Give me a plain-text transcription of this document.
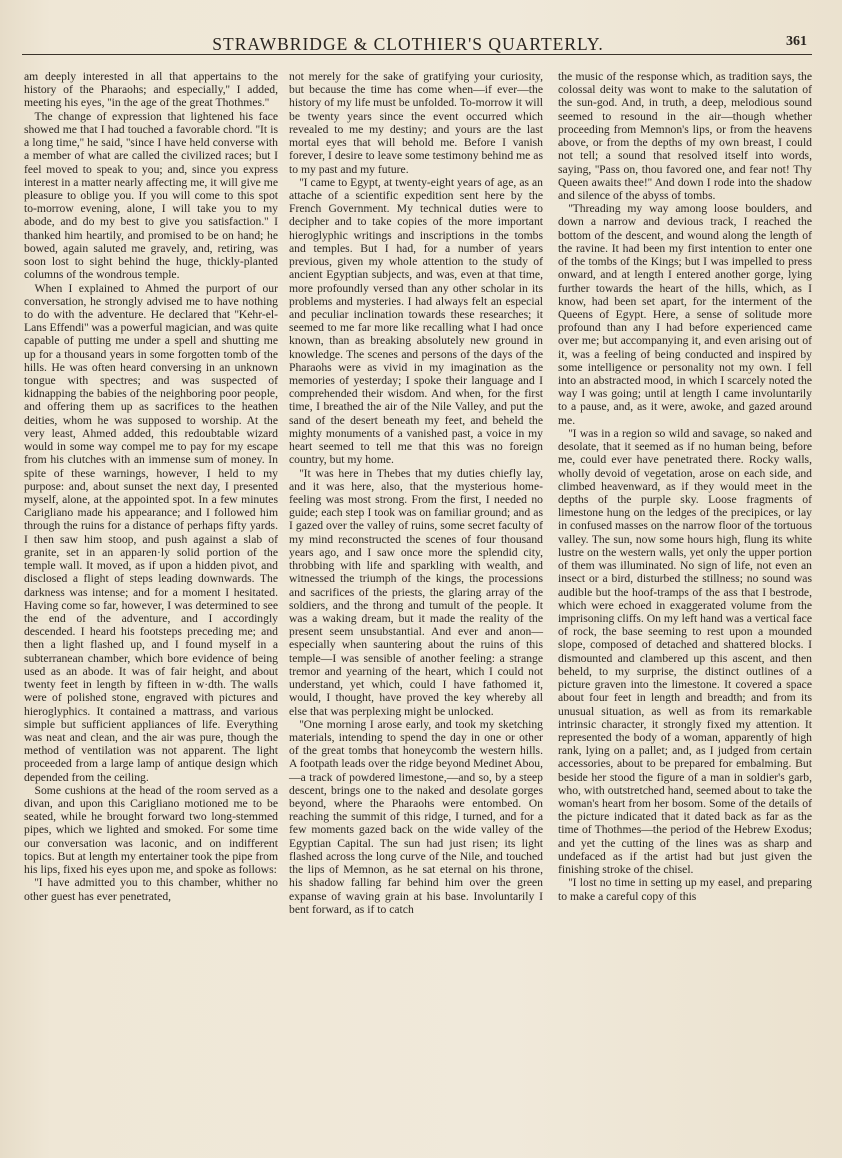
STRAWBRIDGE & CLOTHIER'S QUARTERLY.	361

am deeply interested in all that appertains to the history of the Pharaohs; and especially,'' I added, meeting his eyes, ''in the age of the great Thothmes.''

The change of expression that lightened his face showed me that I had touched a favorable chord. ''It is a long time,'' he said, ''since I have held converse with a member of what are called the civilized races; but I feel moved to speak to you; and, since you express interest in a matter nearly affecting me, it will give me pleasure to oblige you. If you will come to this spot to-morrow evening, alone, I will take you to my abode, and do my best to give you satisfaction.'' I thanked him heartily, and promised to be on hand; he bowed, again saluted me gravely, and, retiring, was soon lost to sight behind the huge, thickly-planted columns of the wondrous temple.

When I explained to Ahmed the purport of our conversation, he strongly advised me to have nothing to do with the adventure. He declared that ''Kehr-el-Lans Effendi'' was a powerful magician, and was quite capable of putting me under a spell and shutting me up for a thousand years in some forgotten tomb of the hills. He was often heard conversing in an unknown tongue with spectres; and was suspected of kidnapping the babies of the neighboring poor people, and offering them up as sacrifices to the heathen deities, whom he was supposed to worship. At the very least, Ahmed added, this redoubtable wizard would in some way compel me to pay for my escape from his clutches with an immense sum of money. In spite of these warnings, however, I held to my purpose: and, about sunset the next day, I presented myself, alone, at the appointed spot. In a few minutes Carigliano made his appearance; and I followed him through the ruins for a distance of perhaps fifty yards. I then saw him stoop, and push against a slab of granite, set in an apparen·ly solid portion of the temple wall. It moved, as if upon a hidden pivot, and disclosed a flight of steps leading downwards. The darkness was intense; and for a moment I hesitated. Having come so far, however, I was determined to see the end of the adventure, and I accordingly descended. I heard his footsteps preceding me; and then a light flashed up, and I found myself in a subterranean chamber, which bore evidence of being used as an abode. It was of fair height, and about twenty feet in length by fifteen in w·dth. The walls were of polished stone, engraved with pictures and hieroglyphics. It contained a mattrass, and various simple but sufficient appliances of life. Everything was neat and clean, and the air was pure, though the method of ventilation was not apparent. The light proceeded from a large lamp of antique design which depended from the ceiling.

Some cushions at the head of the room served as a divan, and upon this Carigliano motioned me to be seated, while he brought forward two long-stemmed pipes, which we lighted and smoked. For some time our conversation was laconic, and on indifferent topics. But at length my entertainer took the pipe from his lips, fixed his eyes upon me, and spoke as follows:

''I have admitted you to this chamber, whither no other guest has ever penetrated,

not merely for the sake of gratifying your curiosity, but because the time has come when—if ever—the history of my life must be unfolded. To-morrow it will be twenty years since the event occurred which revealed to me my destiny; and yours are the last mortal eyes that will behold me. Before I vanish forever, I desire to leave some testimony behind me as to my past and my future.

''I came to Egypt, at twenty-eight years of age, as an attache of a scientific expedition sent here by the French Government. My technical duties were to decipher and to take copies of the more important hieroglyphic writings and inscriptions in the tombs and temples. But I had, for a number of years previous, given my whole attention to the study of ancient Egyptian subjects, and was, even at that time, more profoundly versed than any other scholar in its problems and mysteries. I had always felt an especial and peculiar inclination towards these researches; it seemed to me far more like recalling what I had once known, than as breaking absolutely new ground in knowledge. The scenes and persons of the days of the Pharaohs were as vivid in my imagination as the memories of yesterday; I spoke their language and I comprehended their wisdom. And when, for the first time, I breathed the air of the Nile Valley, and put the sand of the desert beneath my feet, and beheld the mighty monuments of a vanished past, a voice in my heart seemed to tell me that this was no foreign country, but my home.

''It was here in Thebes that my duties chiefly lay, and it was here, also, that the mysterious home-feeling was most strong. From the first, I needed no guide; each step I took was on familiar ground; and as I gazed over the valley of ruins, some secret faculty of my mind reconstructed the scenes of four thousand years ago, and I saw once more the splendid city, throbbing with life and sparkling with wealth, and witnessed the triumph of the kings, the processions and sacrifices of the priests, the glaring array of the soldiers, and the throng and tumult of the people. It was a waking dream, but it made the reality of the present seem unsubstantial. And ever and anon—especially when sauntering about the ruins of this temple—I was sensible of another feeling: a strange tremor and yearning of the heart, which I could not understand, yet which, could I have fathomed it, would, I thought, have proved the key whereby all else that was perplexing might be unlocked.

''One morning I arose early, and took my sketching materials, intending to spend the day in one or other of the great tombs that honeycomb the western hills. A footpath leads over the ridge beyond Medinet Abou,—a track of powdered limestone,—and so, by a steep descent, brings one to the naked and desolate gorges beyond, where the Pharaohs were entombed. On reaching the summit of this ridge, I turned, and for a few moments gazed back on the wide valley of the Egyptian Capital. The sun had just risen; its light flashed across the long curve of the Nile, and touched the lips of Memnon, as he sat eternal on his throne, his shadow falling far behind him over the green expanse of waving grain at his base. Involuntarily I bent forward, as if to catch

the music of the response which, as tradition says, the colossal deity was wont to make to the salutation of the sun-god. And, in truth, a deep, melodious sound seemed to resound in the air—though whether proceeding from Memnon's lips, or from the heavens above, or from the depths of my own breast, I could not tell; a sound that resolved itself into words, saying, ''Pass on, thou favored one, and fear not! Thy Queen awaits thee!'' And down I rode into the shadow and silence of the abyss of tombs.

''Threading my way among loose boulders, and down a narrow and devious track, I reached the bottom of the descent, and wound along the length of the ravine. It had been my first intention to enter one of the tombs of the Kings; but I was impelled to press onward, and at length I entered another gorge, lying further towards the heart of the hills, which, as I know, had been set apart, for the interment of the Queens of Egypt. Here, a sense of solitude more profound than any I had before experienced came over me; but accompanying it, and even arising out of it, was a feeling of being conducted and inspired by some intelligence or personality not my own. I fell into an abstracted mood, in which I scarcely noted the way I was going; until at length I came involuntarily to a pause, and, as it were, awoke, and gazed around me.

''I was in a region so wild and savage, so naked and desolate, that it seemed as if no human being, before me, could ever have penetrated there. Rocky walls, wholly devoid of vegetation, arose on each side, and climbed heavenward, as if they would meet in the depths of the purple sky. Loose fragments of limestone hung on the ledges of the precipices, or lay in confused masses on the narrow floor of the tortuous valley. The sun, now some hours high, flung its white lustre on the western walls, yet only the upper portion of them was illuminated. No sign of life, not even an insect or a bird, disturbed the stillness; no sound was audible but the hoof-tramps of the ass that I bestrode, which were echoed in exaggerated volume from the imprisoning cliffs. On my left hand was a vertical face of rock, the base seeming to rest upon a mounded slope, composed of detached and shattered blocks. I dismounted and clambered up this ascent, and then beheld, to my surprise, the distinct outlines of a picture graven into the limestone. It covered a space about four feet in length and breadth; and from its unusual situation, as well as from its remarkable intrinsic character, it strongly fixed my attention. It represented the body of a woman, apparently of high rank, lying on a pallet; and, as I judged from certain accessories, about to be prepared for embalming. But beside her stood the figure of a man in soldier's garb, who, with outstretched hand, seemed about to take the woman's heart from her bosom. Some of the details of the picture indicated that it dated back as far as the time of Thothmes—the period of the Hebrew Exodus; and yet the cutting of the lines was as sharp and undefaced as if the artist had but just given the finishing stroke of the chisel.

''I lost no time in setting up my easel, and preparing to make a careful copy of this
